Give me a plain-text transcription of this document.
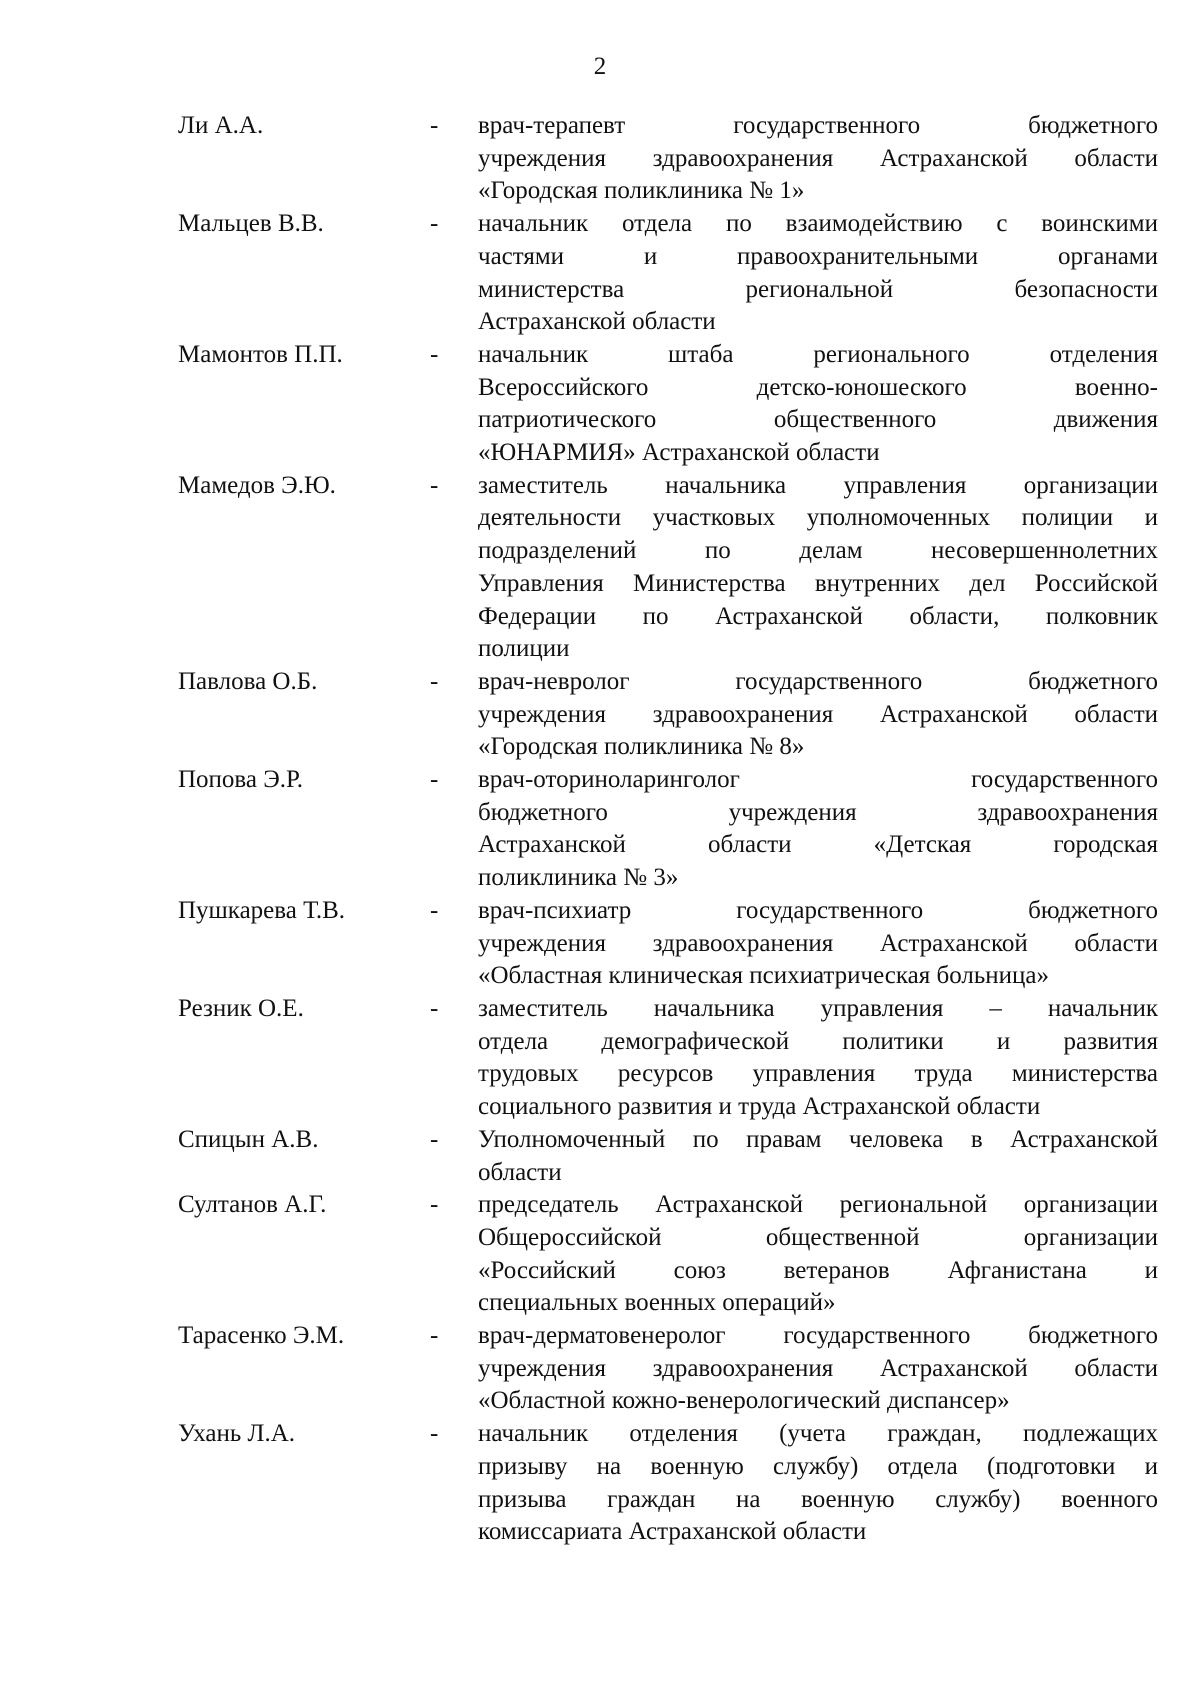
2
Ли А.А.	-	врач-терапевт государственного бюджетного
учреждения здравоохранения Астраханской области
«Городская поликлиника № 1»
Мальцев В.В.	-	начальник отдела по взаимодействию с воинскими
частями и правоохранительными органами
министерства региональной безопасности
Астраханской области
Мамонтов П.П.	-	начальник штаба регионального отделения
Всероссийского детско-юношеского военно-
патриотического общественного движения
«ЮНАРМИЯ» Астраханской области
Мамедов Э.Ю.	-	заместитель начальника управления организации
деятельности участковых уполномоченных полиции и
подразделений по делам несовершеннолетних
Управления Министерства внутренних дел Российской
Федерации по Астраханской области, полковник
полиции
Павлова О.Б.	-	врач-невролог государственного бюджетного
учреждения здравоохранения Астраханской области
«Городская поликлиника № 8»
Попова Э.Р.	-	врач-оториноларинголог государственного
бюджетного учреждения здравоохранения
Астраханской области «Детская городская
поликлиника № 3»
Пушкарева Т.В.	-	врач-психиатр государственного бюджетного
учреждения здравоохранения Астраханской области
«Областная клиническая психиатрическая больница»
Резник О.Е.	-	заместитель начальника управления – начальник
отдела демографической политики и развития
трудовых ресурсов управления труда министерства
социального развития и труда Астраханской области
Спицын А.В.	-	Уполномоченный по правам человека в Астраханской
области
Султанов А.Г.	-	председатель Астраханской региональной организации
Общероссийской общественной организации
«Российский союз ветеранов Афганистана и
специальных военных операций»
Тарасенко Э.М.	-	врач-дерматовенеролог государственного бюджетного
учреждения здравоохранения Астраханской области
«Областной кожно-венерологический диспансер»
Ухань Л.А.	-	начальник отделения (учета граждан, подлежащих
призыву на военную службу) отдела (подготовки и
призыва граждан на военную службу) военного
комиссариата Астраханской области
